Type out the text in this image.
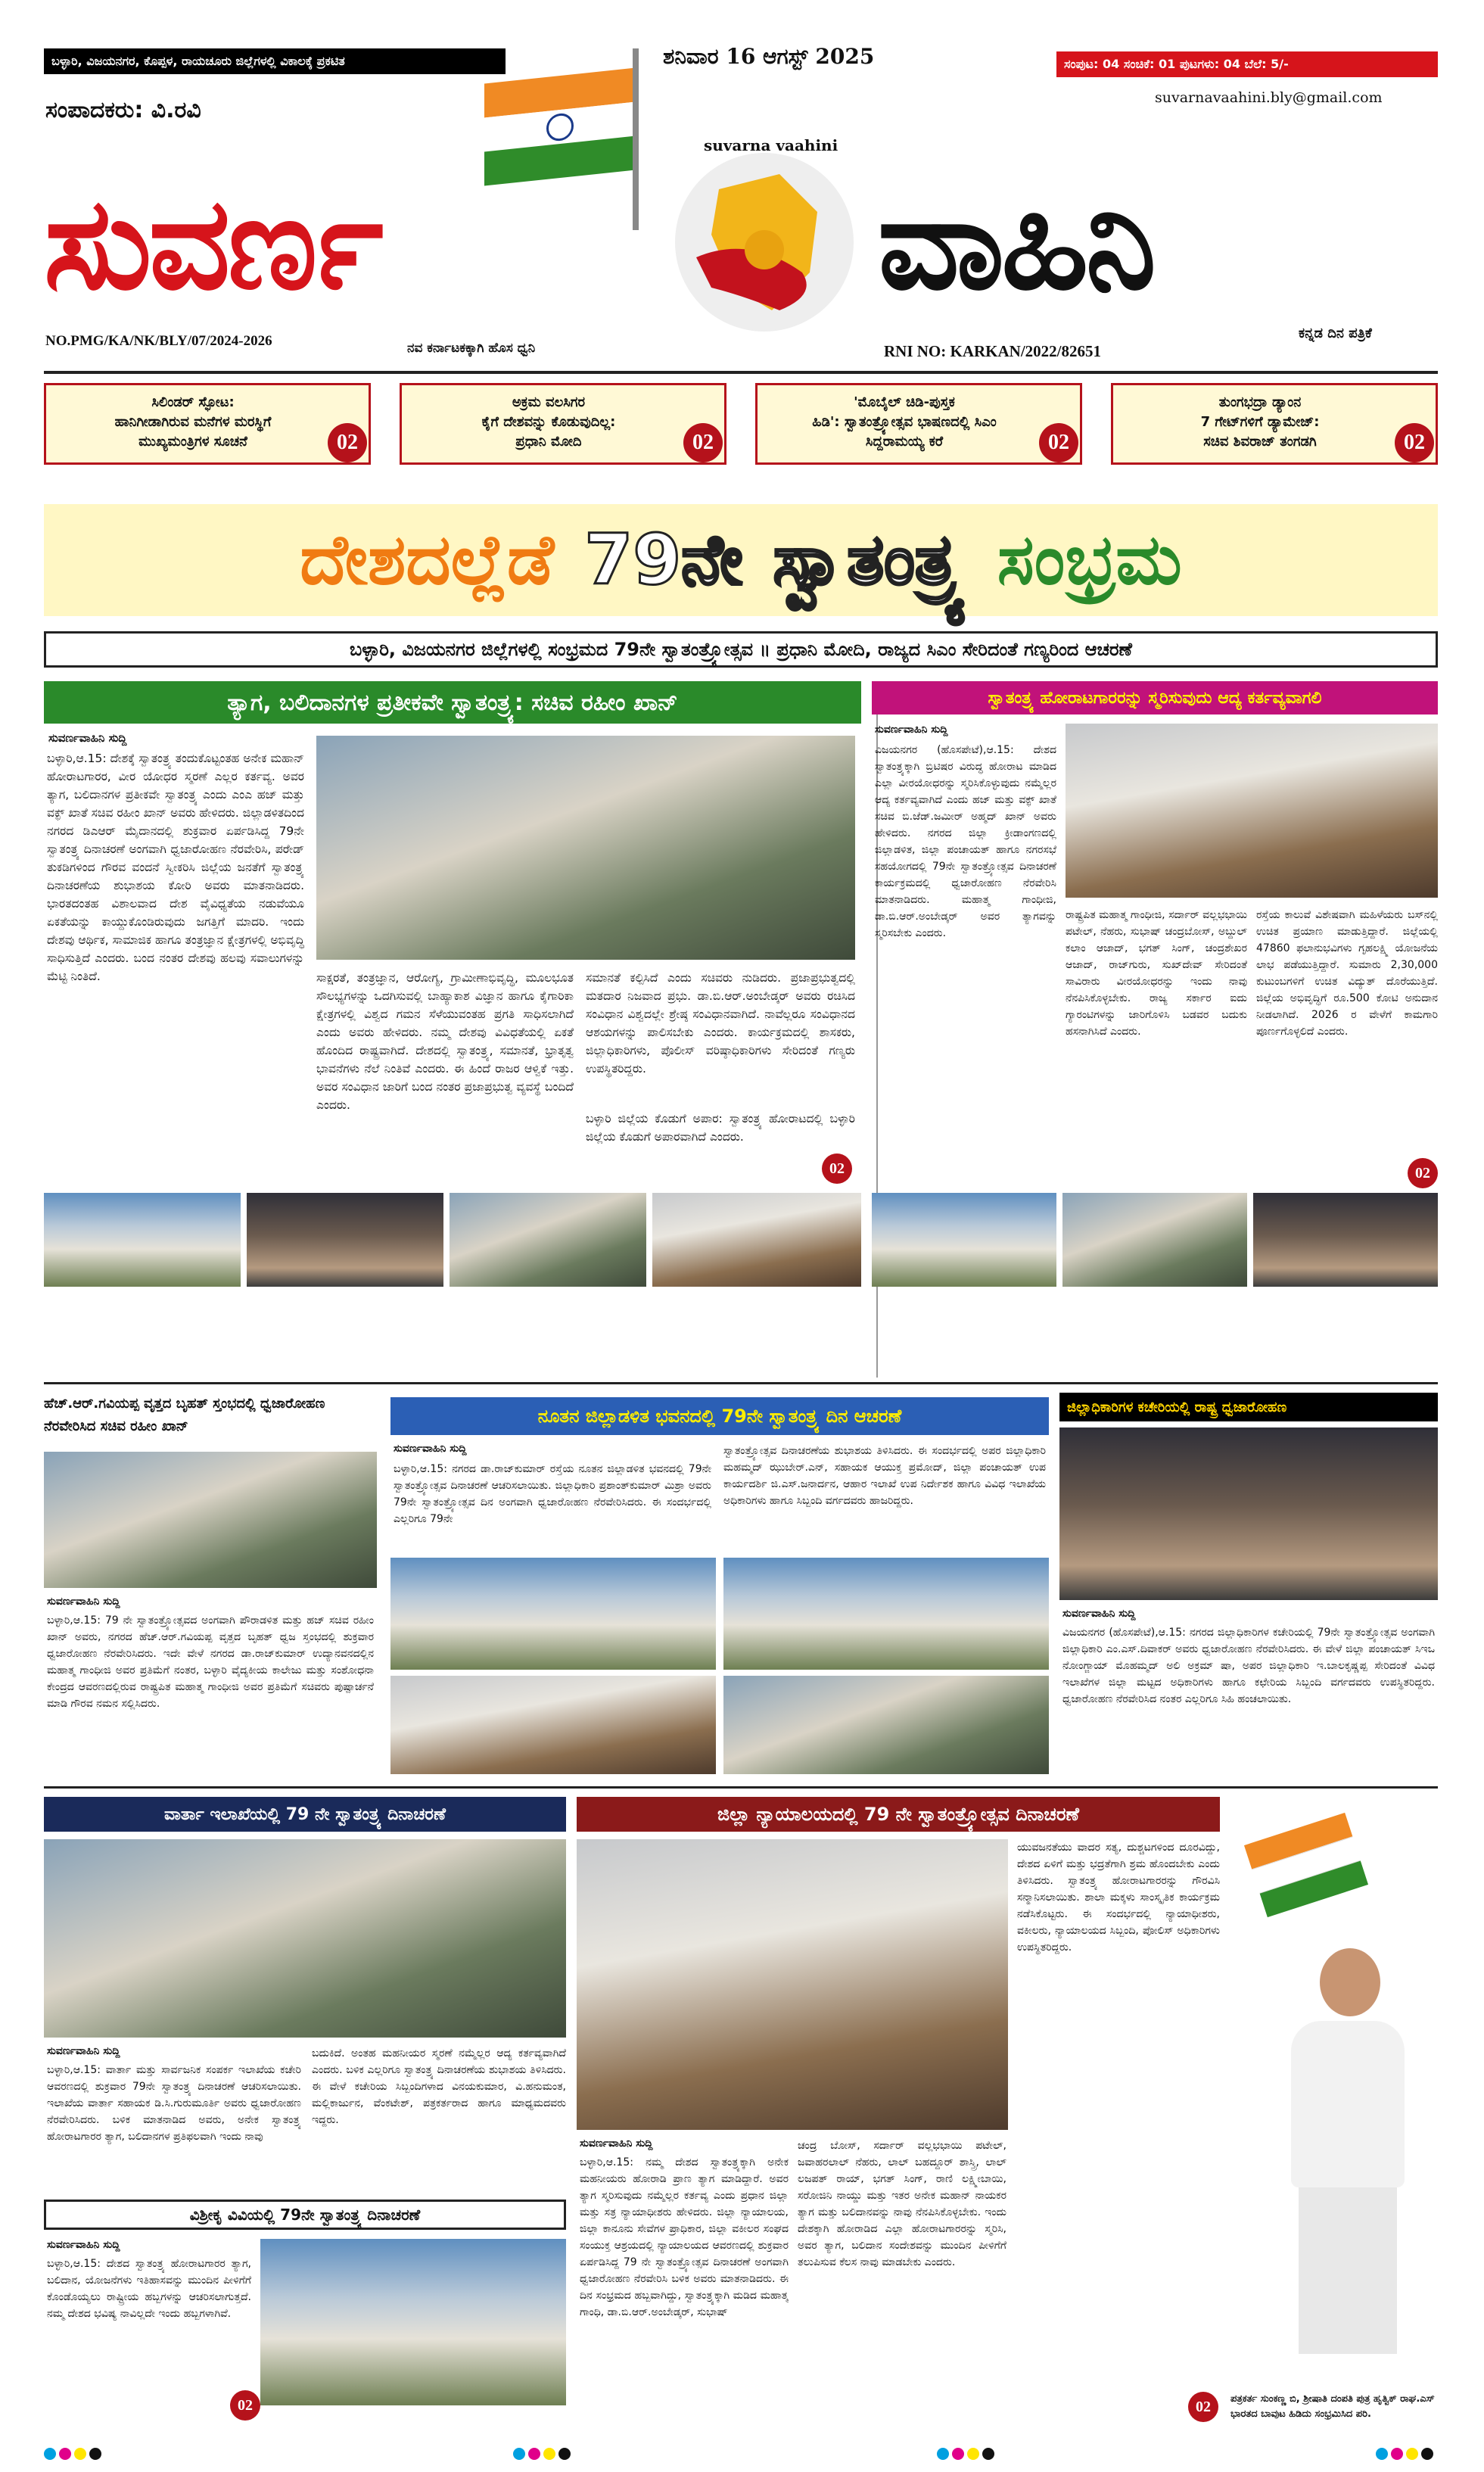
ಬಳ್ಳಾರಿ, ವಿಜಯನಗರ, ಕೊಪ್ಪಳ, ರಾಯಚೂರು ಜಿಲ್ಲೆಗಳಲ್ಲಿ ವಿಕಾಲಕ್ಕೆ ಪ್ರಕಟಿತ	ಶನಿವಾರ 16 ಆಗಸ್ಟ್ 2025	ಸಂಪುಟ: 04 ಸಂಚಿಕೆ: 01 ಪುಟಗಳು: 04 ಬೆಲೆ: 5/-
suvarnavaahini.bly@gmail.com
ಸಂಪಾದಕರು: ವಿ.ರವಿ
ಸುವರ್ಣ
suvarna vaahini
ವಾಹಿನಿ
NO.PMG/KA/NK/BLY/07/2024-2026	ನವ ಕರ್ನಾಟಕಕ್ಕಾಗಿ ಹೊಸ ಧ್ವನಿ	RNI NO: KARKAN/2022/82651
ಕನ್ನಡ ದಿನ ಪತ್ರಿಕೆ
ಸಿಲಿಂಡರ್ ಸ್ಫೋಟ:
ಹಾನಿಗೀಡಾಗಿರುವ ಮನೆಗಳ ಮರಸ್ಥಿಗೆ
ಮುಖ್ಯಮಂತ್ರಿಗಳ ಸೂಚನೆ	02
ಅಕ್ರಮ ವಲಸಿಗರ
ಕೈಗೆ ದೇಶವನ್ನು ಕೊಡುವುದಿಲ್ಲ:
ಪ್ರಧಾನಿ ಮೋದಿ	02
'ಮೊಬೈಲ್ ಚಿಡಿ-ಪುಸ್ತಕ
ಹಿಡಿ': ಸ್ವಾತಂತ್ರ್ಯೋತ್ಸವ ಭಾಷಣದಲ್ಲಿ ಸಿಎಂ
ಸಿದ್ದರಾಮಯ್ಯ ಕರೆ	02
ತುಂಗಭದ್ರಾ ಡ್ಯಾಂನ
7 ಗೇಟ್‌ಗಳಿಗೆ ಡ್ಯಾಮೇಜ್:
ಸಚಿವ ಶಿವರಾಜ್ ತಂಗಡಗಿ	02
ದೇಶದಲ್ಲೆಡೆ 79ನೇ ಸ್ವಾತಂತ್ರ್ಯ ಸಂಭ್ರಮ
ಬಳ್ಳಾರಿ, ವಿಜಯನಗರ ಜಿಲ್ಲೆಗಳಲ್ಲಿ ಸಂಭ್ರಮದ 79ನೇ ಸ್ವಾತಂತ್ರ್ಯೋತ್ಸವ ॥ ಪ್ರಧಾನಿ ಮೋದಿ, ರಾಜ್ಯದ ಸಿಎಂ ಸೇರಿದಂತೆ ಗಣ್ಯರಿಂದ ಆಚರಣೆ
ತ್ಯಾಗ, ಬಲಿದಾನಗಳ ಪ್ರತೀಕವೇ ಸ್ವಾತಂತ್ರ್ಯ: ಸಚಿವ ರಹೀಂ ಖಾನ್
ಸುವರ್ಣವಾಹಿನಿ ಸುದ್ದಿ
ಬಳ್ಳಾರಿ,ಆ.15: ದೇಶಕ್ಕೆ ಸ್ವಾತಂತ್ರ್ಯ ತಂದುಕೊಟ್ಟಂತಹ ಅನೇಕ ಮಹಾನ್ ಹೋರಾಟಗಾರರ, ವೀರ ಯೋಧರ ಸ್ಮರಣೆ ಎಲ್ಲರ ಕರ್ತವ್ಯ. ಅವರ ತ್ಯಾಗ, ಬಲಿದಾನಗಳ ಪ್ರತೀಕವೇ ಸ್ವಾತಂತ್ರ್ಯ ಎಂದು ಎಂಎ ಹಜ್ ಮತ್ತು ವಕ್ಫ್ ಖಾತೆ ಸಚಿವ ರಹೀಂ ಖಾನ್ ಅವರು ಹೇಳಿದರು. ಜಿಲ್ಲಾಡಳಿತದಿಂದ ನಗರದ ಡಿಎಆರ್ ಮೈದಾನದಲ್ಲಿ ಶುಕ್ರವಾರ ಏರ್ಪಡಿಸಿದ್ದ 79ನೇ ಸ್ವಾತಂತ್ರ್ಯ ದಿನಾಚರಣೆ ಅಂಗವಾಗಿ ಧ್ವಜಾರೋಹಣ ನೆರವೇರಿಸಿ, ಪರೇಡ್ ತುಕಡಿಗಳಿಂದ ಗೌರವ ವಂದನೆ ಸ್ವೀಕರಿಸಿ ಜಿಲ್ಲೆಯ ಜನತೆಗೆ ಸ್ವಾತಂತ್ರ್ಯ ದಿನಾಚರಣೆಯ ಶುಭಾಶಯ ಕೋರಿ ಅವರು ಮಾತನಾಡಿದರು. ಭಾರತದಂತಹ ವಿಶಾಲವಾದ ದೇಶ ವೈವಿಧ್ಯತೆಯ ನಡುವೆಯೂ ಏಕತೆಯನ್ನು ಕಾಯ್ದುಕೊಂಡಿರುವುದು ಜಗತ್ತಿಗೆ ಮಾದರಿ. ಇಂದು ದೇಶವು ಆರ್ಥಿಕ, ಸಾಮಾಜಿಕ ಹಾಗೂ ತಂತ್ರಜ್ಞಾನ ಕ್ಷೇತ್ರಗಳಲ್ಲಿ ಅಭಿವೃದ್ಧಿ ಸಾಧಿಸುತ್ತಿದೆ ಎಂದರು. ಬಂದ ನಂತರ ದೇಶವು ಹಲವು ಸವಾಲುಗಳನ್ನು ಮೆಟ್ಟಿ ನಿಂತಿದೆ.	ಸಾಕ್ಷರತೆ, ತಂತ್ರಜ್ಞಾನ, ಆರೋಗ್ಯ, ಗ್ರಾಮೀಣಾಭಿವೃದ್ಧಿ, ಮೂಲಭೂತ ಸೌಲಭ್ಯಗಳನ್ನು ಒದಗಿಸುವಲ್ಲಿ ಬಾಹ್ಯಾಕಾಶ ವಿಜ್ಞಾನ ಹಾಗೂ ಕೈಗಾರಿಕಾ ಕ್ಷೇತ್ರಗಳಲ್ಲಿ ವಿಶ್ವದ ಗಮನ ಸೆಳೆಯುವಂತಹ ಪ್ರಗತಿ ಸಾಧಿಸಲಾಗಿದೆ ಎಂದು ಅವರು ಹೇಳಿದರು. ನಮ್ಮ ದೇಶವು ವಿವಿಧತೆಯಲ್ಲಿ ಏಕತೆ ಹೊಂದಿದ ರಾಷ್ಟ್ರವಾಗಿದೆ. ದೇಶದಲ್ಲಿ ಸ್ವಾತಂತ್ರ್ಯ, ಸಮಾನತೆ, ಭ್ರಾತೃತ್ವ ಭಾವನೆಗಳು ನೆಲೆ ನಿಂತಿವೆ ಎಂದರು. ಈ ಹಿಂದೆ ರಾಜರ ಆಳ್ವಿಕೆ ಇತ್ತು. ಅವರ ಸಂವಿಧಾನ ಜಾರಿಗೆ ಬಂದ ನಂತರ ಪ್ರಜಾಪ್ರಭುತ್ವ ವ್ಯವಸ್ಥೆ ಬಂದಿದೆ ಎಂದರು.
ಸಮಾನತೆ ಕಲ್ಪಿಸಿದೆ ಎಂದು ಸಚಿವರು ನುಡಿದರು. ಪ್ರಜಾಪ್ರಭುತ್ವದಲ್ಲಿ ಮತದಾರ ನಿಜವಾದ ಪ್ರಭು. ಡಾ.ಬಿ.ಆರ್.ಅಂಬೇಡ್ಕರ್ ಅವರು ರಚಿಸಿದ ಸಂವಿಧಾನ ವಿಶ್ವದಲ್ಲೇ ಶ್ರೇಷ್ಠ ಸಂವಿಧಾನವಾಗಿದೆ. ನಾವೆಲ್ಲರೂ ಸಂವಿಧಾನದ ಆಶಯಗಳನ್ನು ಪಾಲಿಸಬೇಕು ಎಂದರು. ಕಾರ್ಯಕ್ರಮದಲ್ಲಿ ಶಾಸಕರು, ಜಿಲ್ಲಾಧಿಕಾರಿಗಳು, ಪೊಲೀಸ್ ವರಿಷ್ಠಾಧಿಕಾರಿಗಳು ಸೇರಿದಂತೆ ಗಣ್ಯರು ಉಪಸ್ಥಿತರಿದ್ದರು.
ಬಳ್ಳಾರಿ ಜಿಲ್ಲೆಯ ಕೊಡುಗೆ ಅಪಾರ: ಸ್ವಾತಂತ್ರ್ಯ ಹೋರಾಟದಲ್ಲಿ ಬಳ್ಳಾರಿ ಜಿಲ್ಲೆಯ ಕೊಡುಗೆ ಅಪಾರವಾಗಿದೆ ಎಂದರು.
02
ಸ್ವಾತಂತ್ರ್ಯ ಹೋರಾಟಗಾರರನ್ನು ಸ್ಮರಿಸುವುದು ಆದ್ಯ ಕರ್ತವ್ಯವಾಗಲಿ
ಸುವರ್ಣವಾಹಿನಿ ಸುದ್ದಿ
ವಿಜಯನಗರ (ಹೊಸಪೇಟೆ),ಆ.15: ದೇಶದ ಸ್ವಾತಂತ್ರ್ಯಕ್ಕಾಗಿ ಬ್ರಿಟಿಷರ ವಿರುದ್ಧ ಹೋರಾಟ ಮಾಡಿದ ಎಲ್ಲಾ ವೀರಯೋಧರನ್ನು ಸ್ಮರಿಸಿಕೊಳ್ಳುವುದು ನಮ್ಮೆಲ್ಲರ ಆದ್ಯ ಕರ್ತವ್ಯವಾಗಿದೆ ಎಂದು ಹಜ್ ಮತ್ತು ವಕ್ಫ್ ಖಾತೆ ಸಚಿವ ಬಿ.ಜೆಡ್.ಜಮೀರ್ ಅಹ್ಮದ್ ಖಾನ್ ಅವರು ಹೇಳಿದರು. ನಗರದ ಜಿಲ್ಲಾ ಕ್ರೀಡಾಂಗಣದಲ್ಲಿ ಜಿಲ್ಲಾಡಳಿತ, ಜಿಲ್ಲಾ ಪಂಚಾಯತ್ ಹಾಗೂ ನಗರಸಭೆ ಸಹಯೋಗದಲ್ಲಿ 79ನೇ ಸ್ವಾತಂತ್ರ್ಯೋತ್ಸವ ದಿನಾಚರಣೆ ಕಾರ್ಯಕ್ರಮದಲ್ಲಿ ಧ್ವಜಾರೋಹಣ ನೆರವೇರಿಸಿ ಮಾತನಾಡಿದರು. ಮಹಾತ್ಮ ಗಾಂಧೀಜಿ, ಡಾ.ಬಿ.ಆರ್.ಅಂಬೇಡ್ಕರ್ ಅವರ ತ್ಯಾಗವನ್ನು ಸ್ಮರಿಸಬೇಕು ಎಂದರು.
ರಾಷ್ಟ್ರಪಿತ ಮಹಾತ್ಮ ಗಾಂಧೀಜಿ, ಸರ್ದಾರ್ ವಲ್ಲಭಭಾಯಿ ಪಟೇಲ್, ನೆಹರು, ಸುಭಾಷ್ ಚಂದ್ರಬೋಸ್, ಅಬ್ದುಲ್ ಕಲಾಂ ಆಜಾದ್, ಭಗತ್ ಸಿಂಗ್, ಚಂದ್ರಶೇಖರ ಆಜಾದ್, ರಾಜ್‌ಗುರು, ಸುಖ್‌ದೇವ್ ಸೇರಿದಂತೆ ಸಾವಿರಾರು ವೀರಯೋಧರನ್ನು ಇಂದು ನಾವು ನೆನಪಿಸಿಕೊಳ್ಳಬೇಕು. ರಾಜ್ಯ ಸರ್ಕಾರ ಐದು ಗ್ಯಾರಂಟಿಗಳನ್ನು ಜಾರಿಗೊಳಿಸಿ ಬಡವರ ಬದುಕು ಹಸನಾಗಿಸಿದೆ ಎಂದರು.
ರಸ್ತೆಯ ಕಾಲುವೆ ವಿಶೇಷವಾಗಿ ಮಹಿಳೆಯರು ಬಸ್‌ನಲ್ಲಿ ಉಚಿತ ಪ್ರಯಾಣ ಮಾಡುತ್ತಿದ್ದಾರೆ. ಜಿಲ್ಲೆಯಲ್ಲಿ 47860 ಫಲಾನುಭವಿಗಳು ಗೃಹಲಕ್ಷ್ಮಿ ಯೋಜನೆಯ ಲಾಭ ಪಡೆಯುತ್ತಿದ್ದಾರೆ. ಸುಮಾರು 2,30,000 ಕುಟುಂಬಗಳಿಗೆ ಉಚಿತ ವಿದ್ಯುತ್ ದೊರೆಯುತ್ತಿದೆ. ಜಿಲ್ಲೆಯ ಅಭಿವೃದ್ಧಿಗೆ ರೂ.500 ಕೋಟಿ ಅನುದಾನ ನೀಡಲಾಗಿದೆ. 2026 ರ ವೇಳೆಗೆ ಕಾಮಗಾರಿ ಪೂರ್ಣಗೊಳ್ಳಲಿದೆ ಎಂದರು.
02
ಹೆಚ್.ಆರ್.ಗವಿಯಪ್ಪ ವೃತ್ತದ ಬೃಹತ್ ಸ್ತಂಭದಲ್ಲಿ ಧ್ವಜಾರೋಹಣ ನೆರವೇರಿಸಿದ ಸಚಿವ ರಹೀಂ ಖಾನ್
ಸುವರ್ಣವಾಹಿನಿ ಸುದ್ದಿ
ಬಳ್ಳಾರಿ,ಆ.15: 79 ನೇ ಸ್ವಾತಂತ್ರ್ಯೋತ್ಸವದ ಅಂಗವಾಗಿ ಪೌರಾಡಳಿತ ಮತ್ತು ಹಜ್ ಸಚಿವ ರಹೀಂ ಖಾನ್ ಅವರು, ನಗರದ ಹೆಚ್.ಆರ್.ಗವಿಯಪ್ಪ ವೃತ್ತದ ಬೃಹತ್ ಧ್ವಜ ಸ್ತಂಭದಲ್ಲಿ ಶುಕ್ರವಾರ ಧ್ವಜಾರೋಹಣ ನೆರವೇರಿಸಿದರು. ಇದೇ ವೇಳೆ ನಗರದ ಡಾ.ರಾಜ್‌ಕುಮಾರ್ ಉದ್ಯಾನವನದಲ್ಲಿನ ಮಹಾತ್ಮ ಗಾಂಧೀಜಿ ಅವರ ಪ್ರತಿಮೆಗೆ ನಂತರ, ಬಳ್ಳಾರಿ ವೈದ್ಯಕೀಯ ಕಾಲೇಜು ಮತ್ತು ಸಂಶೋಧನಾ ಕೇಂದ್ರದ ಆವರಣದಲ್ಲಿರುವ ರಾಷ್ಟ್ರಪಿತ ಮಹಾತ್ಮ ಗಾಂಧೀಜಿ ಅವರ ಪ್ರತಿಮೆಗೆ ಸಚಿವರು ಪುಷ್ಪಾರ್ಚನೆ ಮಾಡಿ ಗೌರವ ನಮನ ಸಲ್ಲಿಸಿದರು.
ನೂತನ ಜಿಲ್ಲಾಡಳಿತ ಭವನದಲ್ಲಿ 79ನೇ ಸ್ವಾತಂತ್ರ್ಯ ದಿನ ಆಚರಣೆ
ಸುವರ್ಣವಾಹಿನಿ ಸುದ್ದಿ
ಬಳ್ಳಾರಿ,ಆ.15: ನಗರದ ಡಾ.ರಾಜ್‌ಕುಮಾರ್ ರಸ್ತೆಯ ನೂತನ ಜಿಲ್ಲಾಡಳಿತ ಭವನದಲ್ಲಿ 79ನೇ ಸ್ವಾತಂತ್ರ್ಯೋತ್ಸವ ದಿನಾಚರಣೆ ಆಚರಿಸಲಾಯಿತು. ಜಿಲ್ಲಾಧಿಕಾರಿ ಪ್ರಶಾಂತ್‌ಕುಮಾರ್ ಮಿಶ್ರಾ ಅವರು 79ನೇ ಸ್ವಾತಂತ್ರ್ಯೋತ್ಸವ ದಿನ ಅಂಗವಾಗಿ ಧ್ವಜಾರೋಹಣ ನೆರವೇರಿಸಿದರು. ಈ ಸಂದರ್ಭದಲ್ಲಿ ಎಲ್ಲರಿಗೂ 79ನೇ
ಸ್ವಾತಂತ್ರ್ಯೋತ್ಸವ ದಿನಾಚರಣೆಯ ಶುಭಾಶಯ ತಿಳಿಸಿದರು. ಈ ಸಂದರ್ಭದಲ್ಲಿ ಅಪರ ಜಿಲ್ಲಾಧಿಕಾರಿ ಮಹಮ್ಮದ್ ಝುಬೇರ್.ಎನ್, ಸಹಾಯಕ ಆಯುಕ್ತ ಪ್ರಮೋದ್, ಜಿಲ್ಲಾ ಪಂಚಾಯತ್ ಉಪ ಕಾರ್ಯದರ್ಶಿ ಜಿ.ಎಸ್.ಜನಾರ್ದನ, ಆಹಾರ ಇಲಾಖೆ ಉಪ ನಿರ್ದೇಶಕ ಹಾಗೂ ವಿವಿಧ ಇಲಾಖೆಯ ಅಧಿಕಾರಿಗಳು ಹಾಗೂ ಸಿಬ್ಬಂದಿ ವರ್ಗದವರು ಹಾಜರಿದ್ದರು.
ಜಿಲ್ಲಾಧಿಕಾರಿಗಳ ಕಚೇರಿಯಲ್ಲಿ ರಾಷ್ಟ್ರ ಧ್ವಜಾರೋಹಣ
ಸುವರ್ಣವಾಹಿನಿ ಸುದ್ದಿ
ವಿಜಯನಗರ (ಹೊಸಪೇಟೆ),ಆ.15: ನಗರದ ಜಿಲ್ಲಾಧಿಕಾರಿಗಳ ಕಚೇರಿಯಲ್ಲಿ 79ನೇ ಸ್ವಾತಂತ್ರ್ಯೋತ್ಸವ ಅಂಗವಾಗಿ ಜಿಲ್ಲಾಧಿಕಾರಿ ಎಂ.ಎಸ್.ದಿವಾಕರ್ ಅವರು ಧ್ವಜಾರೋಹಣ ನೆರವೇರಿಸಿದರು. ಈ ವೇಳೆ ಜಿಲ್ಲಾ ಪಂಚಾಯತ್ ಸಿಇಒ ನೋಂಗ್ಜಾಯ್ ಮೊಹಮ್ಮದ್ ಅಲಿ ಅಕ್ರಮ್ ಷಾ, ಅಪರ ಜಿಲ್ಲಾಧಿಕಾರಿ ಇ.ಬಾಲಕೃಷ್ಣಪ್ಪ ಸೇರಿದಂತೆ ವಿವಿಧ ಇಲಾಖೆಗಳ ಜಿಲ್ಲಾ ಮಟ್ಟದ ಅಧಿಕಾರಿಗಳು ಹಾಗೂ ಕಛೇರಿಯ ಸಿಬ್ಬಂದಿ ವರ್ಗದವರು ಉಪಸ್ಥಿತರಿದ್ದರು. ಧ್ವಜಾರೋಹಣ ನೆರವೇರಿಸಿದ ನಂತರ ಎಲ್ಲರಿಗೂ ಸಿಹಿ ಹಂಚಲಾಯಿತು.
ವಾರ್ತಾ ಇಲಾಖೆಯಲ್ಲಿ 79 ನೇ ಸ್ವಾತಂತ್ರ್ಯ ದಿನಾಚರಣೆ
ಸುವರ್ಣವಾಹಿನಿ ಸುದ್ದಿ
ಬಳ್ಳಾರಿ,ಆ.15: ವಾರ್ತಾ ಮತ್ತು ಸಾರ್ವಜನಿಕ ಸಂಪರ್ಕ ಇಲಾಖೆಯ ಕಚೇರಿ ಆವರಣದಲ್ಲಿ ಶುಕ್ರವಾರ 79ನೇ ಸ್ವಾತಂತ್ರ್ಯ ದಿನಾಚರಣೆ ಆಚರಿಸಲಾಯಿತು. ಇಲಾಖೆಯ ವಾರ್ತಾ ಸಹಾಯಕ ಡಿ.ಸಿ.ಗುರುಮೂರ್ತಿ ಅವರು ಧ್ವಜಾರೋಹಣ ನೆರವೇರಿಸಿದರು. ಬಳಿಕ ಮಾತನಾಡಿದ ಅವರು, ಅನೇಕ ಸ್ವಾತಂತ್ರ್ಯ ಹೋರಾಟಗಾರರ ತ್ಯಾಗ, ಬಲಿದಾನಗಳ ಪ್ರತಿಫಲವಾಗಿ ಇಂದು ನಾವು
ಬದುಕಿದೆ. ಅಂತಹ ಮಹನೀಯರ ಸ್ಮರಣೆ ನಮ್ಮೆಲ್ಲರ ಆದ್ಯ ಕರ್ತವ್ಯವಾಗಿದೆ ಎಂದರು. ಬಳಿಕ ಎಲ್ಲರಿಗೂ ಸ್ವಾತಂತ್ರ್ಯ ದಿನಾಚರಣೆಯ ಶುಭಾಶಯ ತಿಳಿಸಿದರು. ಈ ವೇಳೆ ಕಚೇರಿಯ ಸಿಬ್ಬಂದಿಗಳಾದ ವಿನಯಕುಮಾರ, ವಿ.ಹನುಮಂತ, ಮಲ್ಲಿಕಾರ್ಜುನ, ವೆಂಕಟೇಶ್, ಪತ್ರಕರ್ತರಾದ ಹಾಗೂ ಮಾಧ್ಯಮದವರು ಇದ್ದರು.
ವಿಶ್ರೀಕೃ ವಿವಿಯಲ್ಲಿ 79ನೇ ಸ್ವಾತಂತ್ರ್ಯ ದಿನಾಚರಣೆ
ಸುವರ್ಣವಾಹಿನಿ ಸುದ್ದಿ
ಬಳ್ಳಾರಿ,ಆ.15: ದೇಶದ ಸ್ವಾತಂತ್ರ್ಯ ಹೋರಾಟಗಾರರ ತ್ಯಾಗ, ಬಲಿದಾನ, ಯೋಜನೆಗಳು ಇತಿಹಾಸವನ್ನು ಮುಂದಿನ ಪೀಳಿಗೆಗೆ ಕೊಂಡೊಯ್ಯಲು ರಾಷ್ಟ್ರೀಯ ಹಬ್ಬಗಳನ್ನು ಆಚರಿಸಲಾಗುತ್ತದೆ. ನಮ್ಮ ದೇಶದ ಭವಿಷ್ಯ ನಾವಿಲ್ಲದೇ ಇಂದು ಹಬ್ಬಗಳಾಗಿವೆ.
02
ಜಿಲ್ಲಾ ನ್ಯಾಯಾಲಯದಲ್ಲಿ 79 ನೇ ಸ್ವಾತಂತ್ರ್ಯೋತ್ಸವ ದಿನಾಚರಣೆ
ಸುವರ್ಣವಾಹಿನಿ ಸುದ್ದಿ
ಬಳ್ಳಾರಿ,ಆ.15: ನಮ್ಮ ದೇಶದ ಸ್ವಾತಂತ್ರ್ಯಕ್ಕಾಗಿ ಅನೇಕ ಮಹನೀಯರು ಹೋರಾಡಿ ಪ್ರಾಣ ತ್ಯಾಗ ಮಾಡಿದ್ದಾರೆ. ಅವರ ತ್ಯಾಗ ಸ್ಮರಿಸುವುದು ನಮ್ಮೆಲ್ಲರ ಕರ್ತವ್ಯ ಎಂದು ಪ್ರಧಾನ ಜಿಲ್ಲಾ ಮತ್ತು ಸತ್ರ ನ್ಯಾಯಾಧೀಶರು ಹೇಳಿದರು. ಜಿಲ್ಲಾ ನ್ಯಾಯಾಲಯ, ಜಿಲ್ಲಾ ಕಾನೂನು ಸೇವೆಗಳ ಪ್ರಾಧಿಕಾರ, ಜಿಲ್ಲಾ ವಕೀಲರ ಸಂಘದ ಸಂಯುಕ್ತ ಆಶ್ರಯದಲ್ಲಿ ನ್ಯಾಯಾಲಯದ ಆವರಣದಲ್ಲಿ ಶುಕ್ರವಾರ ಏರ್ಪಡಿಸಿದ್ದ 79 ನೇ ಸ್ವಾತಂತ್ರ್ಯೋತ್ಸವ ದಿನಾಚರಣೆ ಅಂಗವಾಗಿ ಧ್ವಜಾರೋಹಣ ನೆರವೇರಿಸಿ ಬಳಿಕ ಅವರು ಮಾತನಾಡಿದರು. ಈ ದಿನ ಸಂಭ್ರಮದ ಹಬ್ಬವಾಗಿದ್ದು, ಸ್ವಾತಂತ್ರ್ಯಕ್ಕಾಗಿ ಮಡಿದ ಮಹಾತ್ಮ ಗಾಂಧಿ, ಡಾ.ಬಿ.ಆರ್.ಅಂಬೇಡ್ಕರ್, ಸುಭಾಷ್
ಚಂದ್ರ ಬೋಸ್, ಸರ್ದಾರ್ ವಲ್ಲಭಭಾಯಿ ಪಟೇಲ್, ಜವಾಹರಲಾಲ್ ನೆಹರು, ಲಾಲ್ ಬಹದ್ದೂರ್ ಶಾಸ್ತ್ರಿ, ಲಾಲ್ ಲಜಪತ್ ರಾಯ್, ಭಗತ್ ಸಿಂಗ್, ರಾಣಿ ಲಕ್ಷ್ಮೀಬಾಯಿ, ಸರೋಜಿನಿ ನಾಯ್ಡು ಮತ್ತು ಇತರ ಅನೇಕ ಮಹಾನ್ ನಾಯಕರ ತ್ಯಾಗ ಮತ್ತು ಬಲಿದಾನವನ್ನು ನಾವು ನೆನಪಿಸಿಕೊಳ್ಳಬೇಕು. ಇಂದು ದೇಶಕ್ಕಾಗಿ ಹೋರಾಡಿದ ಎಲ್ಲಾ ಹೋರಾಟಗಾರರನ್ನು ಸ್ಮರಿಸಿ, ಅವರ ತ್ಯಾಗ, ಬಲಿದಾನ ಸಂದೇಶವನ್ನು ಮುಂದಿನ ಪೀಳಿಗೆಗೆ ತಲುಪಿಸುವ ಕೆಲಸ ನಾವು ಮಾಡಬೇಕು ಎಂದರು.
ಯುವಜನತೆಯು ವಾದರ ಸತ್ಯ, ದುಶ್ಚಟಗಳಿಂದ ದೂರವಿದ್ದು, ದೇಶದ ಏಳಿಗೆ ಮತ್ತು ಭದ್ರತೆಗಾಗಿ ಶ್ರಮ ಹೊಂದಬೇಕು ಎಂದು ತಿಳಿಸಿದರು. ಸ್ವಾತಂತ್ರ್ಯ ಹೋರಾಟಗಾರರನ್ನು ಗೌರವಿಸಿ ಸನ್ಮಾನಿಸಲಾಯಿತು. ಶಾಲಾ ಮಕ್ಕಳು ಸಾಂಸ್ಕೃತಿಕ ಕಾರ್ಯಕ್ರಮ ನಡೆಸಿಕೊಟ್ಟರು. ಈ ಸಂದರ್ಭದಲ್ಲಿ ನ್ಯಾಯಾಧೀಶರು, ವಕೀಲರು, ನ್ಯಾಯಾಲಯದ ಸಿಬ್ಬಂದಿ, ಪೋಲಿಸ್ ಅಧಿಕಾರಿಗಳು ಉಪಸ್ಥಿತರಿದ್ದರು.
02	ಪತ್ರಕರ್ತ ಸುಂಕಣ್ಣ ಬಿ, ಶ್ರೀಷಾತಿ ದಂಪತಿ ಪುತ್ರ ಹೃತ್ವಿಕ್ ರಾಘ.ಎಸ್ ಭಾರತದ ಬಾವುಟ ಹಿಡಿದು ಸಂಭ್ರಮಿಸಿದ ಪರಿ.
